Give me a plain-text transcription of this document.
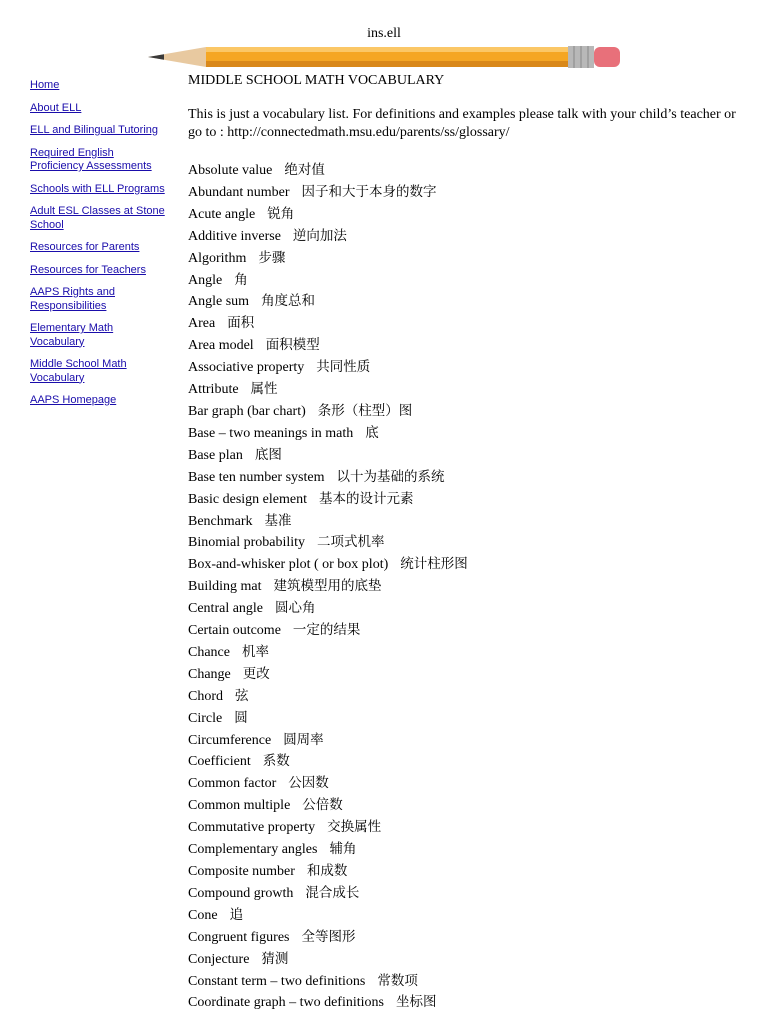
ins.ell
Home
About ELL
ELL and Bilingual Tutoring
Required English Proficiency Assessments
Schools with ELL Programs
Adult ESL Classes at Stone School
Resources for Parents
Resources for Teachers
AAPS Rights and Responsibilities
Elementary Math Vocabulary
Middle School Math Vocabulary
AAPS Homepage
MIDDLE SCHOOL MATH VOCABULARY
This is just a vocabulary list. For definitions and examples please talk with your child’s teacher or go to : http://connectedmath.msu.edu/parents/ss/glossary/
Absolute value 绝对值
Abundant number 因子和大于本身的数字
Acute angle 锐角
Additive inverse 逆向加法
Algorithm 步骤
Angle 角
Angle sum 角度总和
Area 面积
Area model 面积模型
Associative property 共同性质
Attribute 属性
Bar graph (bar chart) 条形（柱型）图
Base – two meanings in math 底
Base plan 底图
Base ten number system 以十为基础的系统
Basic design element 基本的设计元素
Benchmark 基准
Binomial probability 二项式机率
Box-and-whisker plot ( or box plot) 统计柱形图
Building mat 建筑模型用的底垫
Central angle 圆心角
Certain outcome 一定的结果
Chance 机率
Change 更改
Chord 弦
Circle 圆
Circumference 圆周率
Coefficient 系数
Common factor 公因数
Common multiple 公倍数
Commutative property 交换属性
Complementary angles 辅角
Composite number 和成数
Compound growth 混合成长
Cone 追
Congruent figures 全等图形
Conjecture 猜测
Constant term – two definitions 常数项
Coordinate graph – two definitions 坐标图
